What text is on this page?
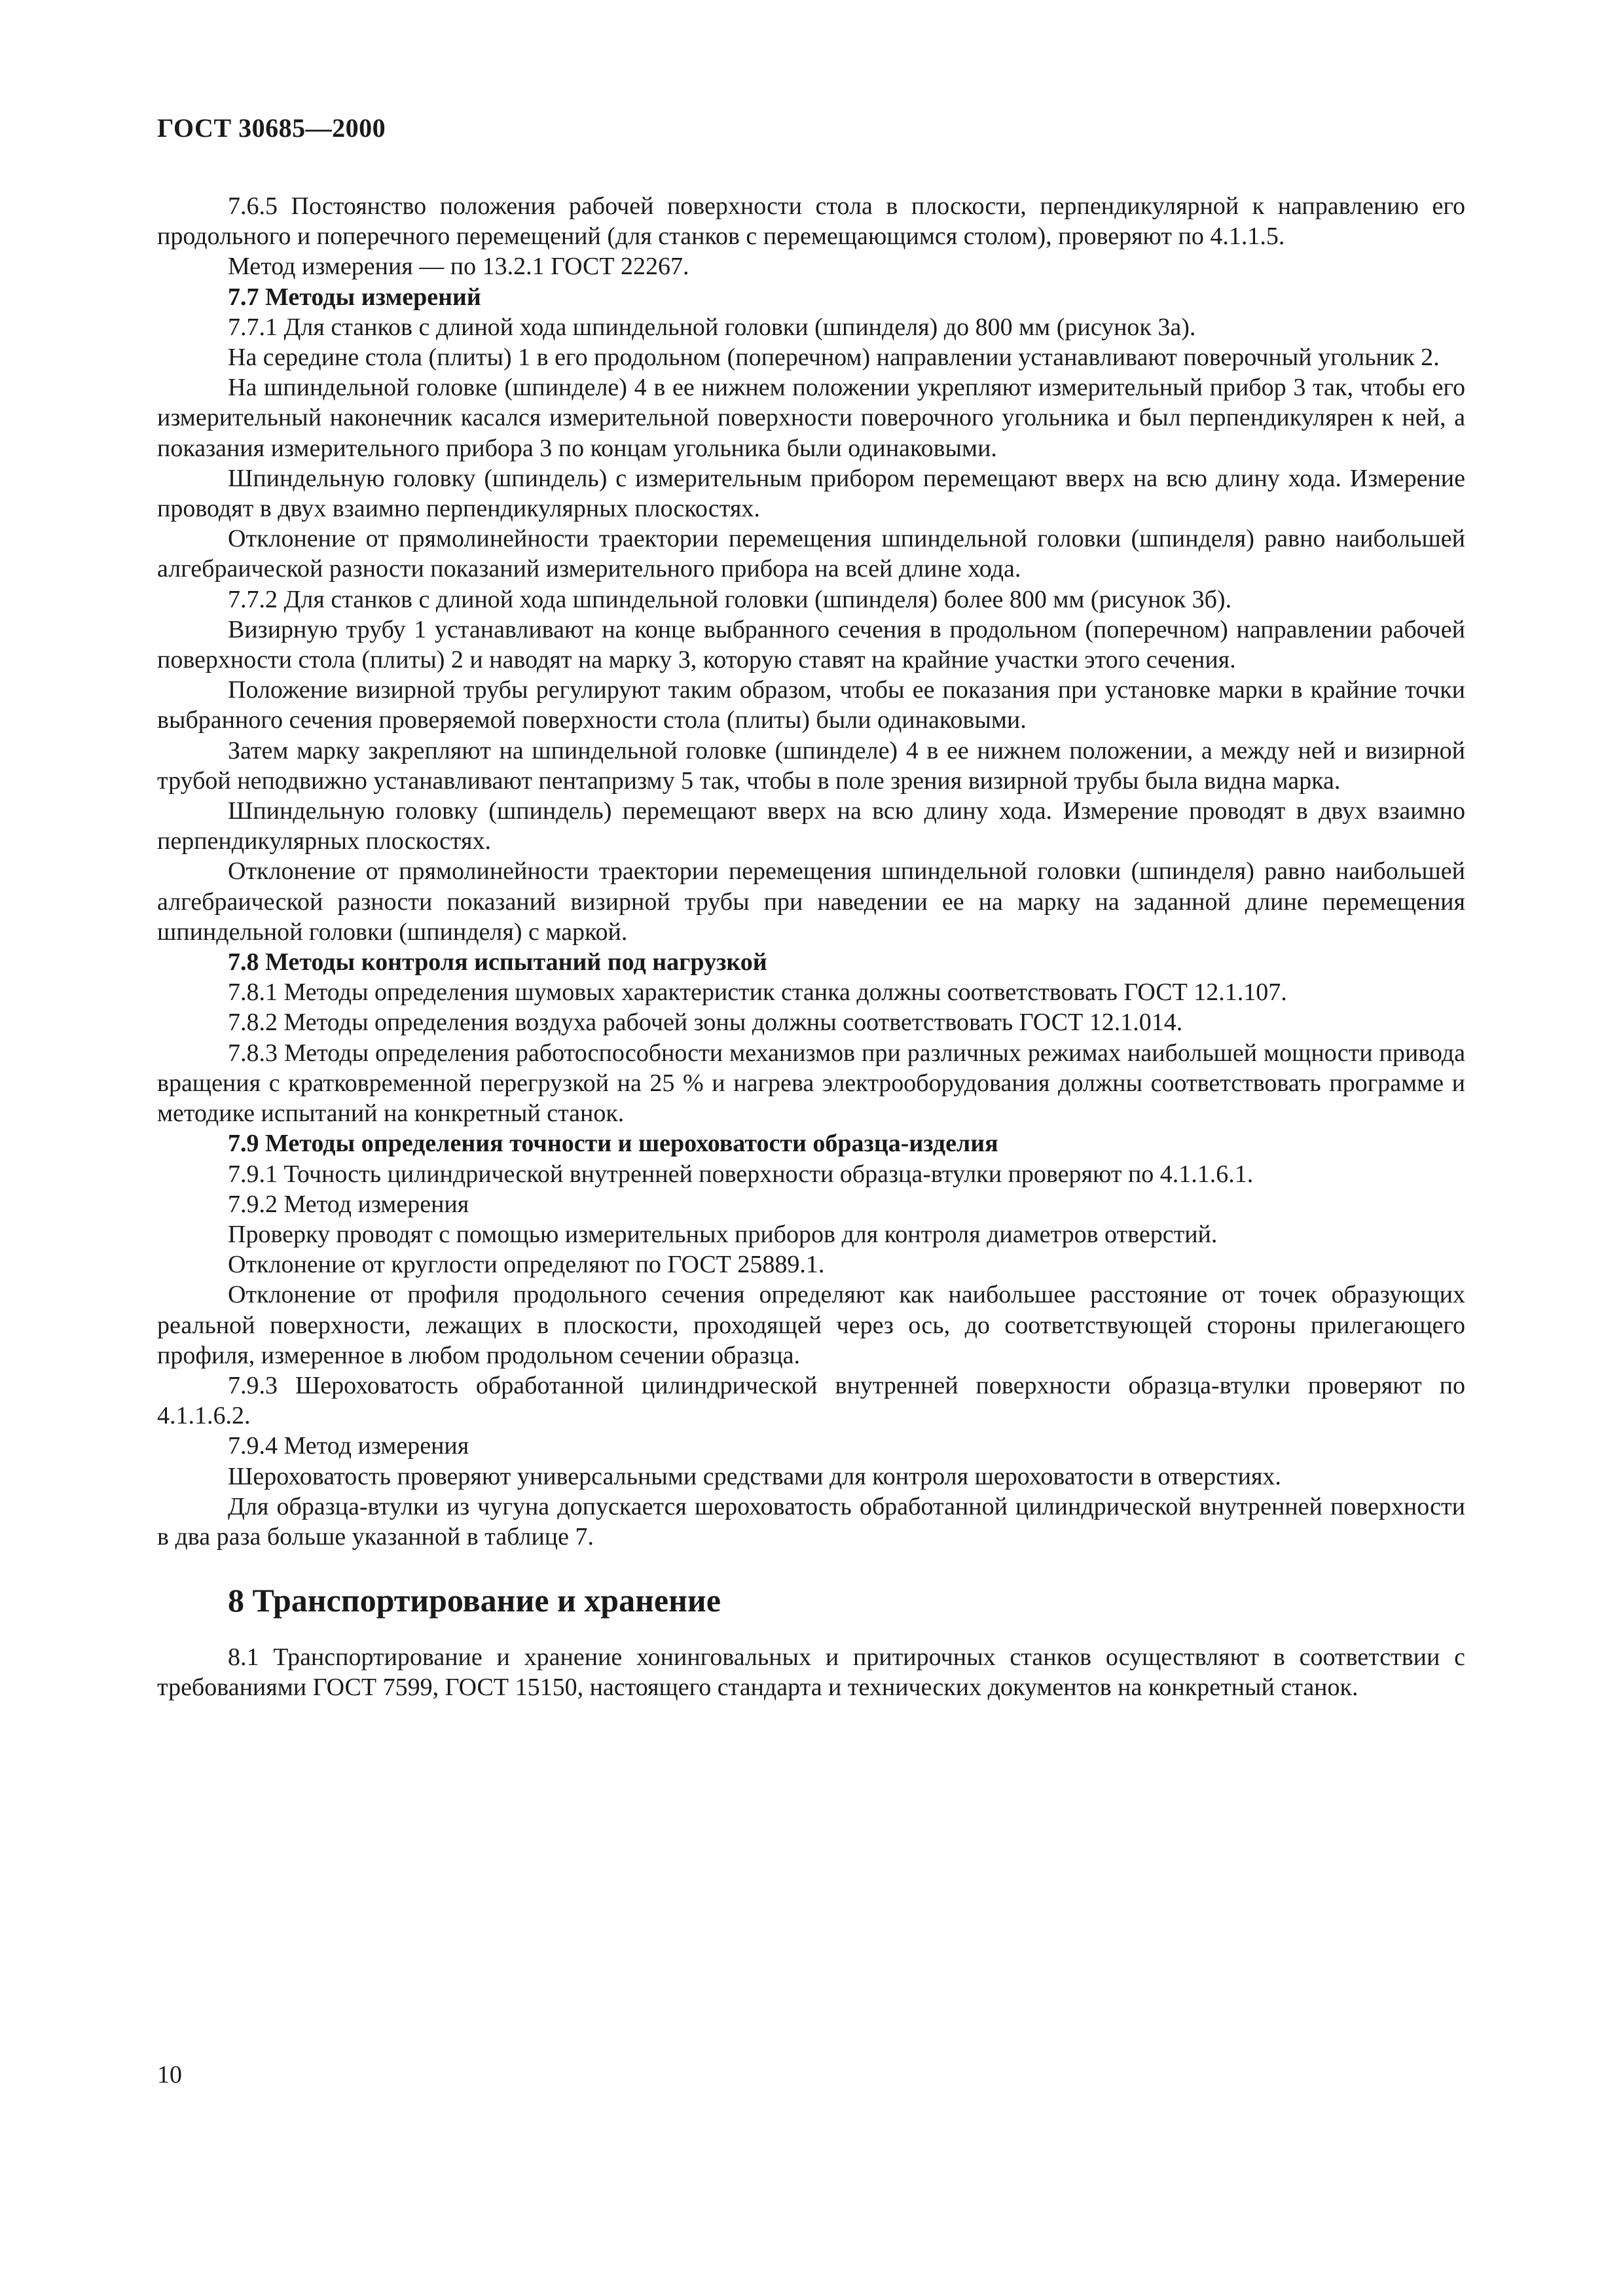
ГОСТ 30685—2000

7.6.5 Постоянство положения рабочей поверхности стола в плоскости, перпендикулярной к направлению его продольного и поперечного перемещений (для станков с перемещающимся столом), проверяют по 4.1.1.5.

Метод измерения — по 13.2.1 ГОСТ 22267.

7.7 Методы измерений

7.7.1 Для станков с длиной хода шпиндельной головки (шпинделя) до 800 мм (рисунок 3а).

На середине стола (плиты) 1 в его продольном (поперечном) направлении устанавливают поверочный угольник 2.

На шпиндельной головке (шпинделе) 4 в ее нижнем положении укрепляют измерительный прибор 3 так, чтобы его измерительный наконечник касался измерительной поверхности поверочного угольника и был перпендикулярен к ней, а показания измерительного прибора 3 по концам угольника были одинаковыми.

Шпиндельную головку (шпиндель) с измерительным прибором перемещают вверх на всю длину хода. Измерение проводят в двух взаимно перпендикулярных плоскостях.

Отклонение от прямолинейности траектории перемещения шпиндельной головки (шпинделя) равно наибольшей алгебраической разности показаний измерительного прибора на всей длине хода.

7.7.2 Для станков с длиной хода шпиндельной головки (шпинделя) более 800 мм (рисунок 3б).

Визирную трубу 1 устанавливают на конце выбранного сечения в продольном (поперечном) направлении рабочей поверхности стола (плиты) 2 и наводят на марку 3, которую ставят на крайние участки этого сечения.

Положение визирной трубы регулируют таким образом, чтобы ее показания при установке марки в крайние точки выбранного сечения проверяемой поверхности стола (плиты) были одинаковыми.

Затем марку закрепляют на шпиндельной головке (шпинделе) 4 в ее нижнем положении, а между ней и визирной трубой неподвижно устанавливают пентапризму 5 так, чтобы в поле зрения визирной трубы была видна марка.

Шпиндельную головку (шпиндель) перемещают вверх на всю длину хода. Измерение проводят в двух взаимно перпендикулярных плоскостях.

Отклонение от прямолинейности траектории перемещения шпиндельной головки (шпинделя) равно наибольшей алгебраической разности показаний визирной трубы при наведении ее на марку на заданной длине перемещения шпиндельной головки (шпинделя) с маркой.

7.8 Методы контроля испытаний под нагрузкой

7.8.1 Методы определения шумовых характеристик станка должны соответствовать ГОСТ 12.1.107.

7.8.2 Методы определения воздуха рабочей зоны должны соответствовать ГОСТ 12.1.014.

7.8.3 Методы определения работоспособности механизмов при различных режимах наибольшей мощности привода вращения с кратковременной перегрузкой на 25 % и нагрева электрооборудования должны соответствовать программе и методике испытаний на конкретный станок.

7.9 Методы определения точности и шероховатости образца-изделия

7.9.1 Точность цилиндрической внутренней поверхности образца-втулки проверяют по 4.1.1.6.1.

7.9.2 Метод измерения

Проверку проводят с помощью измерительных приборов для контроля диаметров отверстий.

Отклонение от круглости определяют по ГОСТ 25889.1.

Отклонение от профиля продольного сечения определяют как наибольшее расстояние от точек образующих реальной поверхности, лежащих в плоскости, проходящей через ось, до соответствующей стороны прилегающего профиля, измеренное в любом продольном сечении образца.

7.9.3 Шероховатость обработанной цилиндрической внутренней поверхности образца-втулки проверяют по 4.1.1.6.2.

7.9.4 Метод измерения

Шероховатость проверяют универсальными средствами для контроля шероховатости в отверстиях.

Для образца-втулки из чугуна допускается шероховатость обработанной цилиндрической внутренней поверхности в два раза больше указанной в таблице 7.

8 Транспортирование и хранение

8.1 Транспортирование и хранение хонинговальных и притирочных станков осуществляют в соответствии с требованиями ГОСТ 7599, ГОСТ 15150, настоящего стандарта и технических документов на конкретный станок.

10
